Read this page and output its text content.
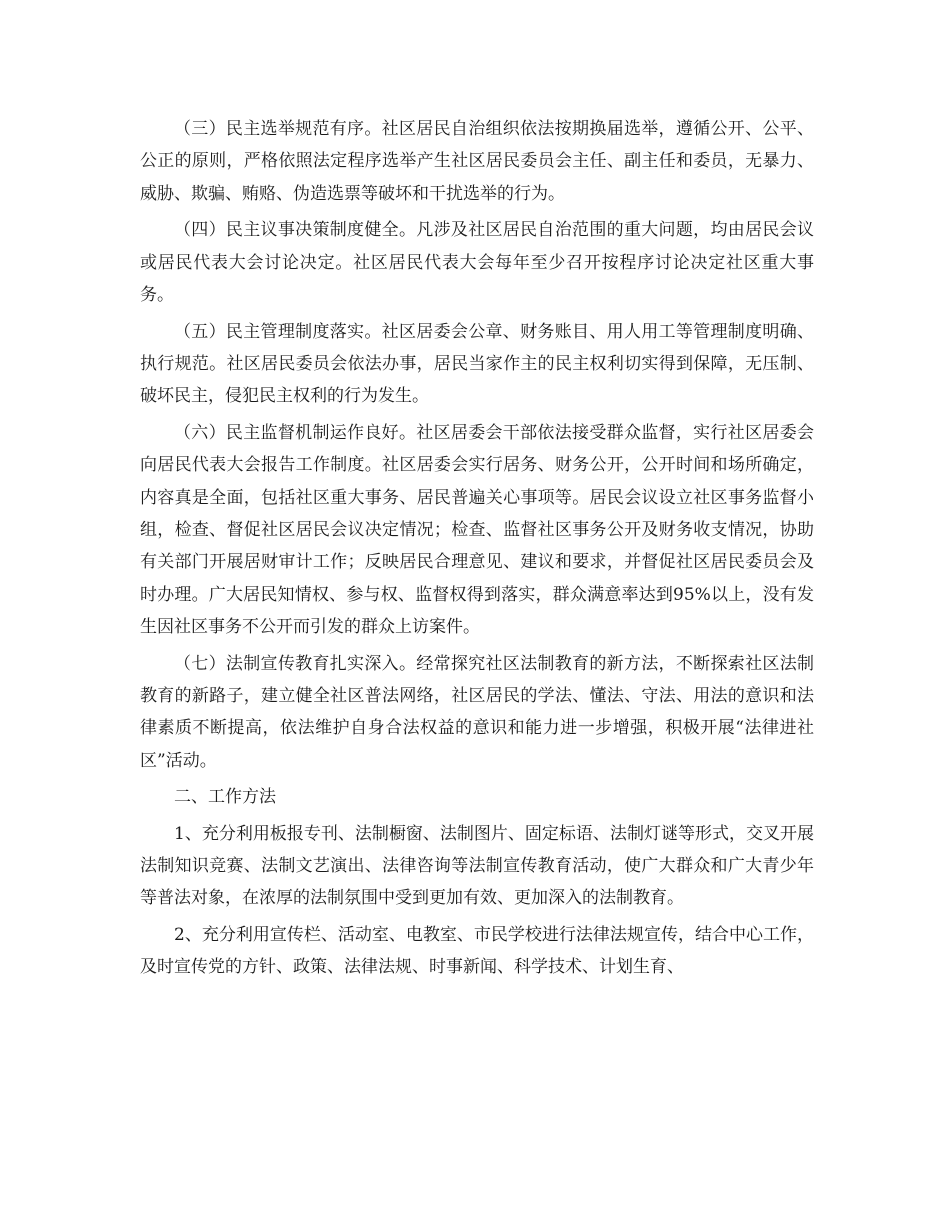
（三）民主选举规范有序。社区居民自治组织依法按期换届选举，遵循公开、公平、公正的原则，严格依照法定程序选举产生社区居民委员会主任、副主任和委员，无暴力、威胁、欺骗、贿赂、伪造选票等破坏和干扰选举的行为。

（四）民主议事决策制度健全。凡涉及社区居民自治范围的重大问题，均由居民会议或居民代表大会讨论决定。社区居民代表大会每年至少召开按程序讨论决定社区重大事务。

（五）民主管理制度落实。社区居委会公章、财务账目、用人用工等管理制度明确、执行规范。社区居民委员会依法办事，居民当家作主的民主权利切实得到保障，无压制、破坏民主，侵犯民主权利的行为发生。

（六）民主监督机制运作良好。社区居委会干部依法接受群众监督，实行社区居委会向居民代表大会报告工作制度。社区居委会实行居务、财务公开，公开时间和场所确定，内容真是全面，包括社区重大事务、居民普遍关心事项等。居民会议设立社区事务监督小组，检查、督促社区居民会议决定情况；检查、监督社区事务公开及财务收支情况，协助有关部门开展居财审计工作；反映居民合理意见、建议和要求，并督促社区居民委员会及时办理。广大居民知情权、参与权、监督权得到落实，群众满意率达到95%以上，没有发生因社区事务不公开而引发的群众上访案件。

（七）法制宣传教育扎实深入。经常探究社区法制教育的新方法，不断探索社区法制教育的新路子，建立健全社区普法网络，社区居民的学法、懂法、守法、用法的意识和法律素质不断提高，依法维护自身合法权益的意识和能力进一步增强，积极开展“法律进社区”活动。

二、工作方法

1、充分利用板报专刊、法制橱窗、法制图片、固定标语、法制灯谜等形式，交叉开展法制知识竞赛、法制文艺演出、法律咨询等法制宣传教育活动，使广大群众和广大青少年等普法对象，在浓厚的法制氛围中受到更加有效、更加深入的法制教育。

2、充分利用宣传栏、活动室、电教室、市民学校进行法律法规宣传，结合中心工作，及时宣传党的方针、政策、法律法规、时事新闻、科学技术、计划生育、
